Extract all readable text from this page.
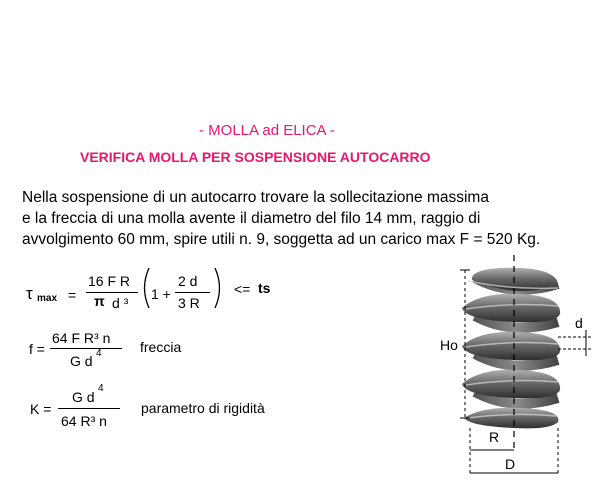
- MOLLA ad ELICA -
VERIFICA MOLLA PER SOSPENSIONE AUTOCARRO
Nella sospensione di un autocarro trovare la sollecitazione massima
e la freccia di una molla avente il diametro del filo 14 mm, raggio di
avvolgimento 60 mm, spire utili n. 9, soggetta ad un carico max F = 520 Kg.
τ max =
16 F R
π d ³
1 +
2 d
3 R
<= ts
f =
64 F R³ n
G d 4	freccia
K =
G d
4
64 R³ n
parametro di rigidità
Ho
d
R
D
